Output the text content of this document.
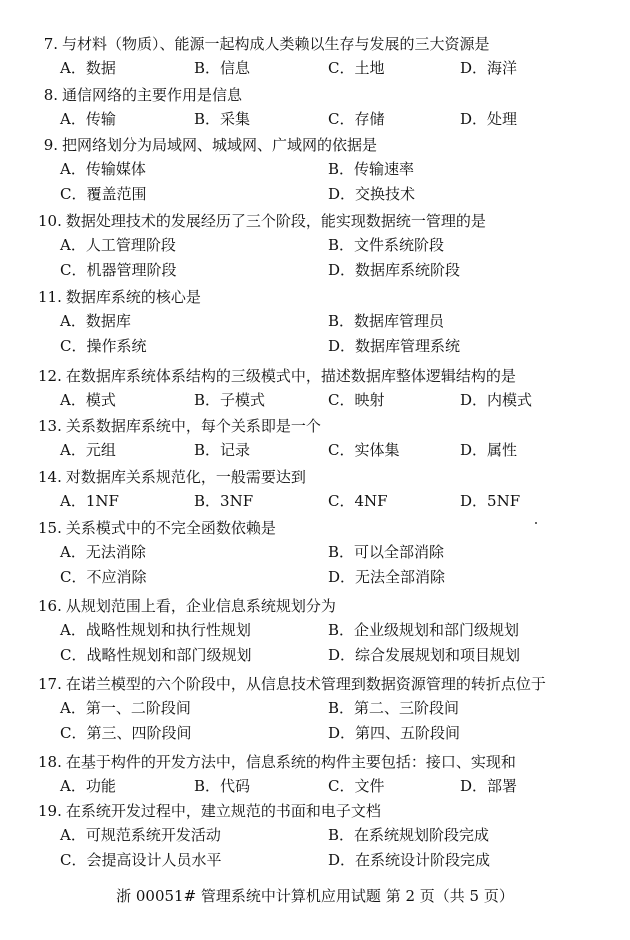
7. 与材料（物质）、能源一起构成人类赖以生存与发展的三大资源是
A．数据	B．信息	C．土地	D．海洋
8. 通信网络的主要作用是信息
A．传输	B．采集	C．存储	D．处理
9. 把网络划分为局域网、城域网、广域网的依据是
A．传输媒体	B．传输速率
C．覆盖范围	D．交换技术
10. 数据处理技术的发展经历了三个阶段，能实现数据统一管理的是
A．人工管理阶段	B．文件系统阶段
C．机器管理阶段	D．数据库系统阶段
11. 数据库系统的核心是
A．数据库	B．数据库管理员
C．操作系统	D．数据库管理系统
12. 在数据库系统体系结构的三级模式中，描述数据库整体逻辑结构的是
A．模式	B．子模式	C．映射	D．内模式
13. 关系数据库系统中，每个关系即是一个
A．元组	B．记录	C．实体集	D．属性
14. 对数据库关系规范化，一般需要达到
A．1NF	B．3NF	C．4NF	D．5NF
15. 关系模式中的不完全函数依赖是
A．无法消除	B．可以全部消除
C．不应消除	D．无法全部消除
16. 从规划范围上看，企业信息系统规划分为
A．战略性规划和执行性规划	B．企业级规划和部门级规划
C．战略性规划和部门级规划	D．综合发展规划和项目规划
17. 在诺兰模型的六个阶段中，从信息技术管理到数据资源管理的转折点位于
A．第一、二阶段间	B．第二、三阶段间
C．第三、四阶段间	D．第四、五阶段间
18. 在基于构件的开发方法中，信息系统的构件主要包括：接口、实现和
A．功能	B．代码	C．文件	D．部署
19. 在系统开发过程中，建立规范的书面和电子文档
A．可规范系统开发活动	B．在系统规划阶段完成
C．会提高设计人员水平	D．在系统设计阶段完成
浙 00051# 管理系统中计算机应用试题 第 2 页（共 5 页）
